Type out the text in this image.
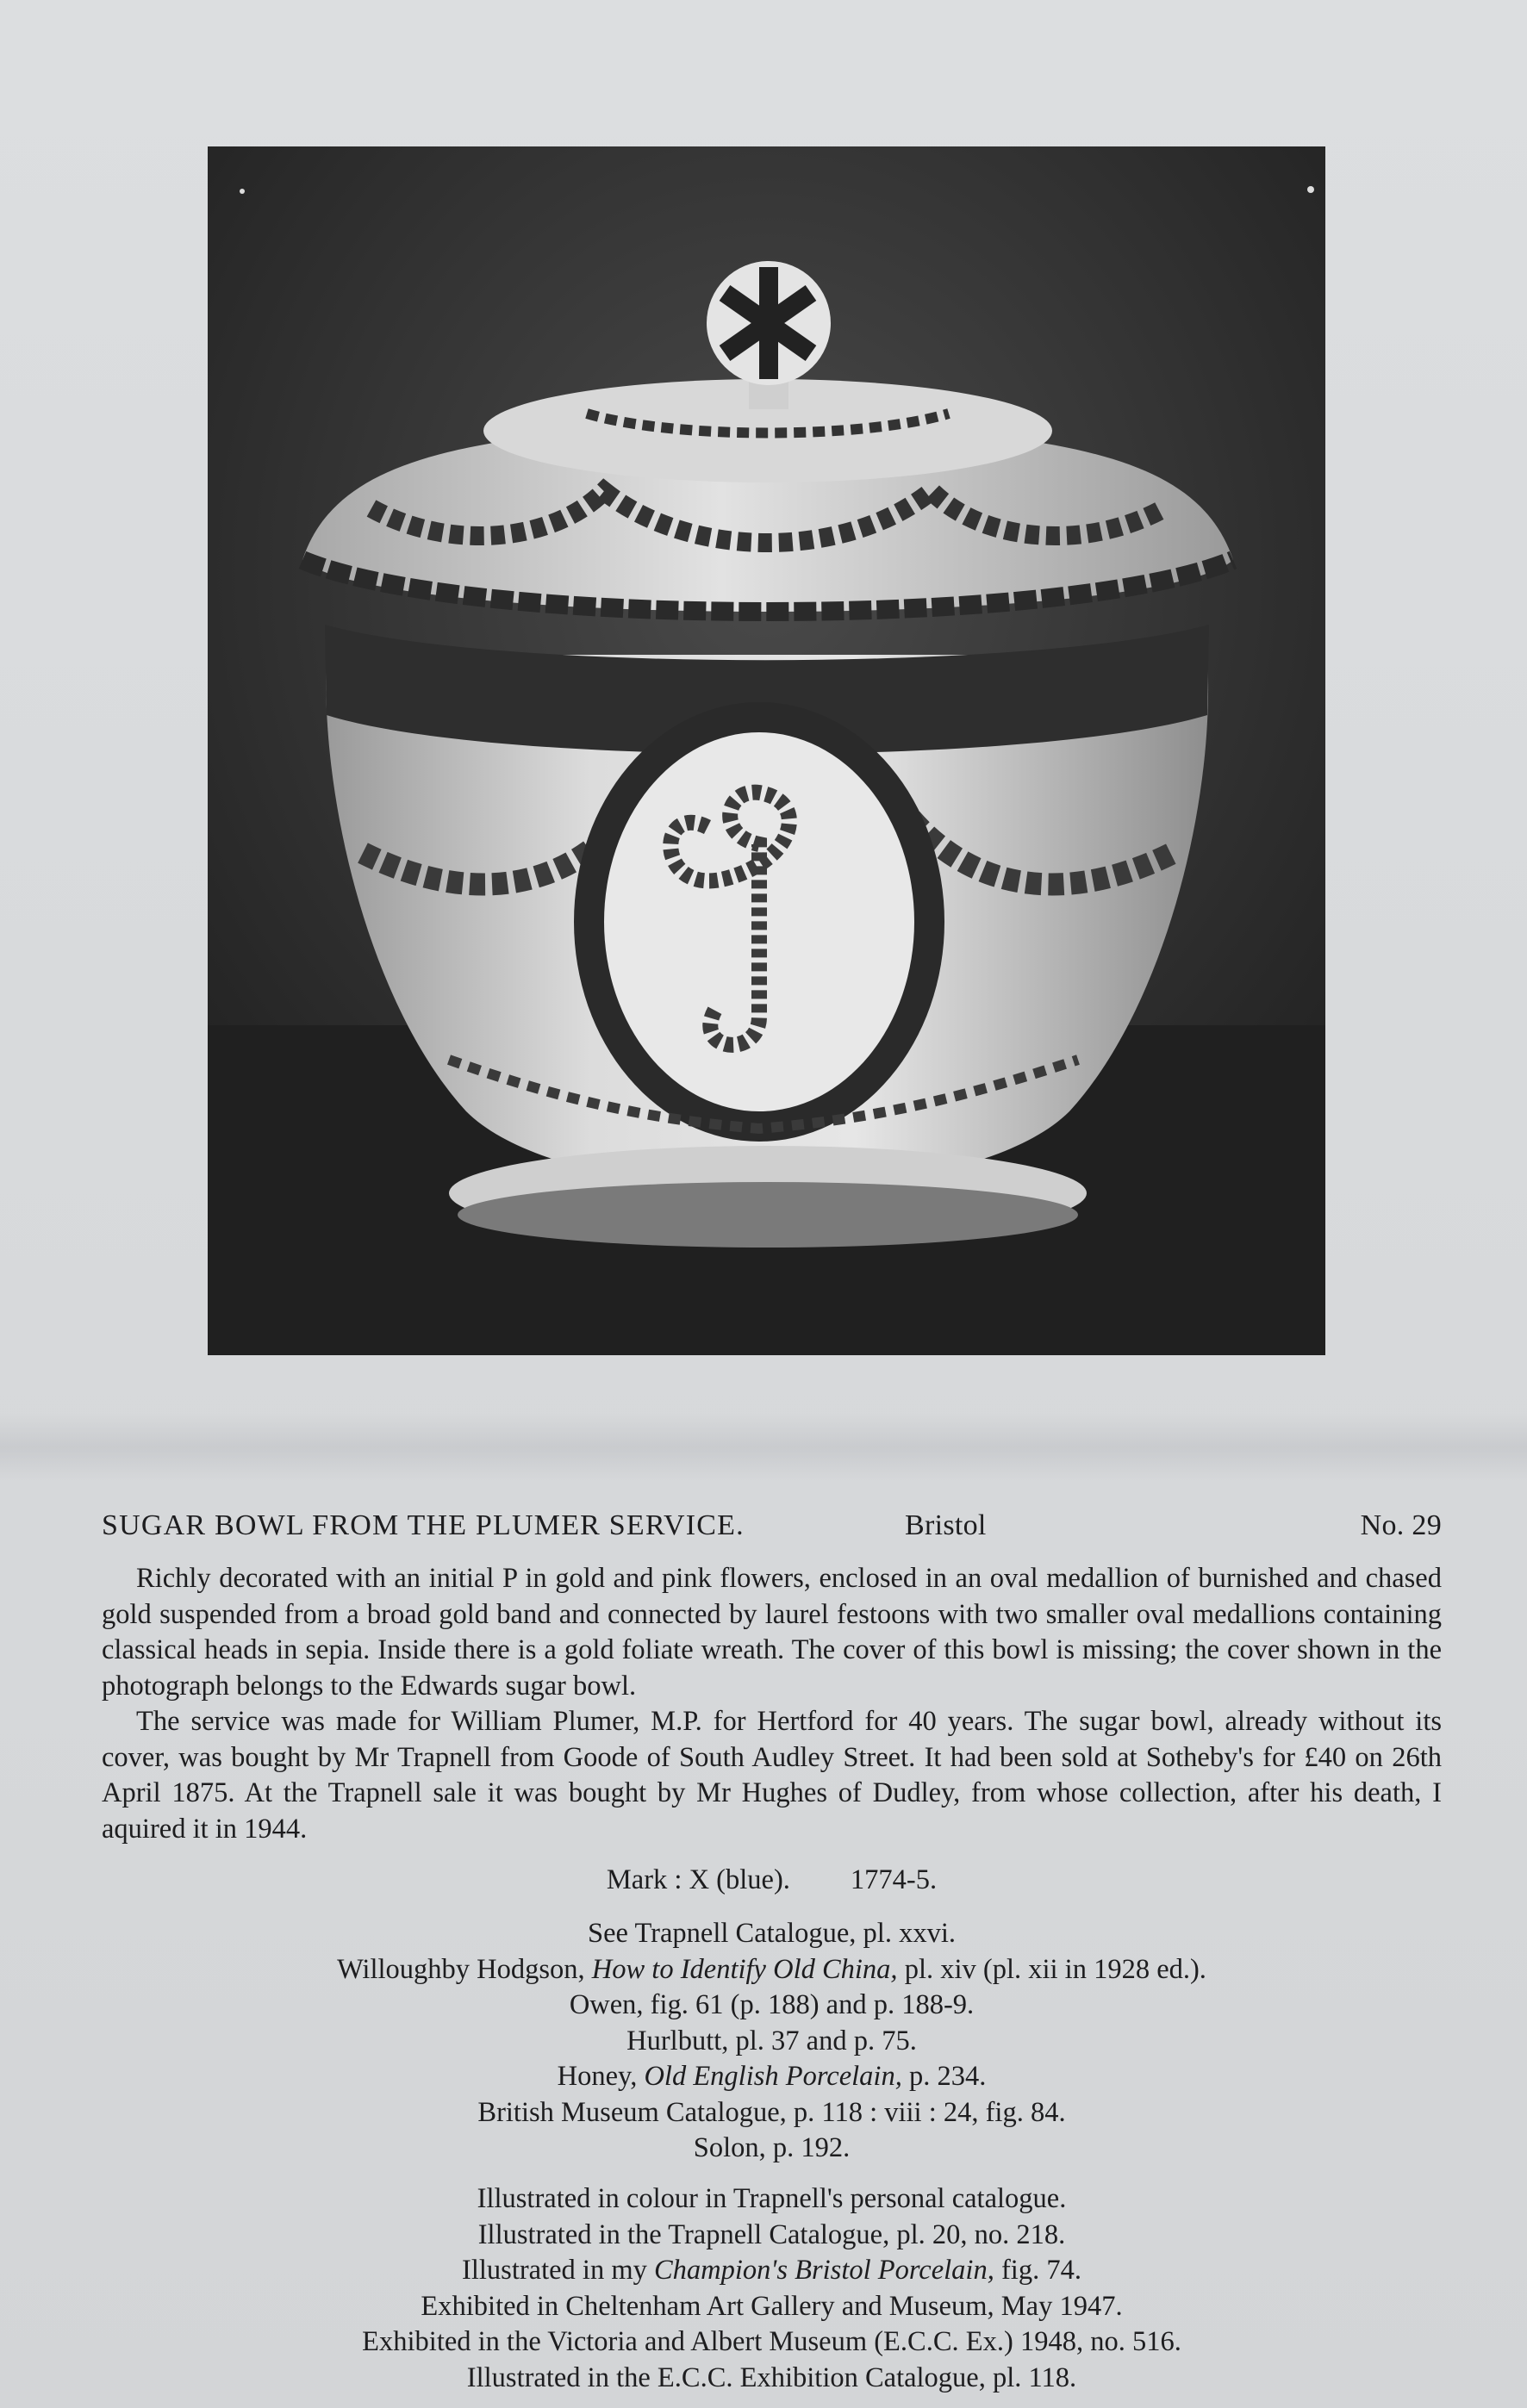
SUGAR BOWL FROM THE PLUMER SERVICE.	Bristol	No. 29

Richly decorated with an initial P in gold and pink flowers, enclosed in an oval medallion of burnished and chased gold suspended from a broad gold band and connected by laurel festoons with two smaller oval medallions containing classical heads in sepia. Inside there is a gold foliate wreath. The cover of this bowl is missing; the cover shown in the photograph belongs to the Edwards sugar bowl.

The service was made for William Plumer, M.P. for Hertford for 40 years. The sugar bowl, already without its cover, was bought by Mr Trapnell from Goode of South Audley Street. It had been sold at Sotheby's for £40 on 26th April 1875. At the Trapnell sale it was bought by Mr Hughes of Dudley, from whose collection, after his death, I aquired it in 1944.

Mark : X (blue). 1774-5.
See Trapnell Catalogue, pl. xxvi.
Willoughby Hodgson, How to Identify Old China, pl. xiv (pl. xii in 1928 ed.).
Owen, fig. 61 (p. 188) and p. 188-9.
Hurlbutt, pl. 37 and p. 75.
Honey, Old English Porcelain, p. 234.
British Museum Catalogue, p. 118 : viii : 24, fig. 84.
Solon, p. 192.
Illustrated in colour in Trapnell's personal catalogue.
Illustrated in the Trapnell Catalogue, pl. 20, no. 218.
Illustrated in my Champion's Bristol Porcelain, fig. 74.
Exhibited in Cheltenham Art Gallery and Museum, May 1947.
Exhibited in the Victoria and Albert Museum (E.C.C. Ex.) 1948, no. 516.
Illustrated in the E.C.C. Exhibition Catalogue, pl. 118.
